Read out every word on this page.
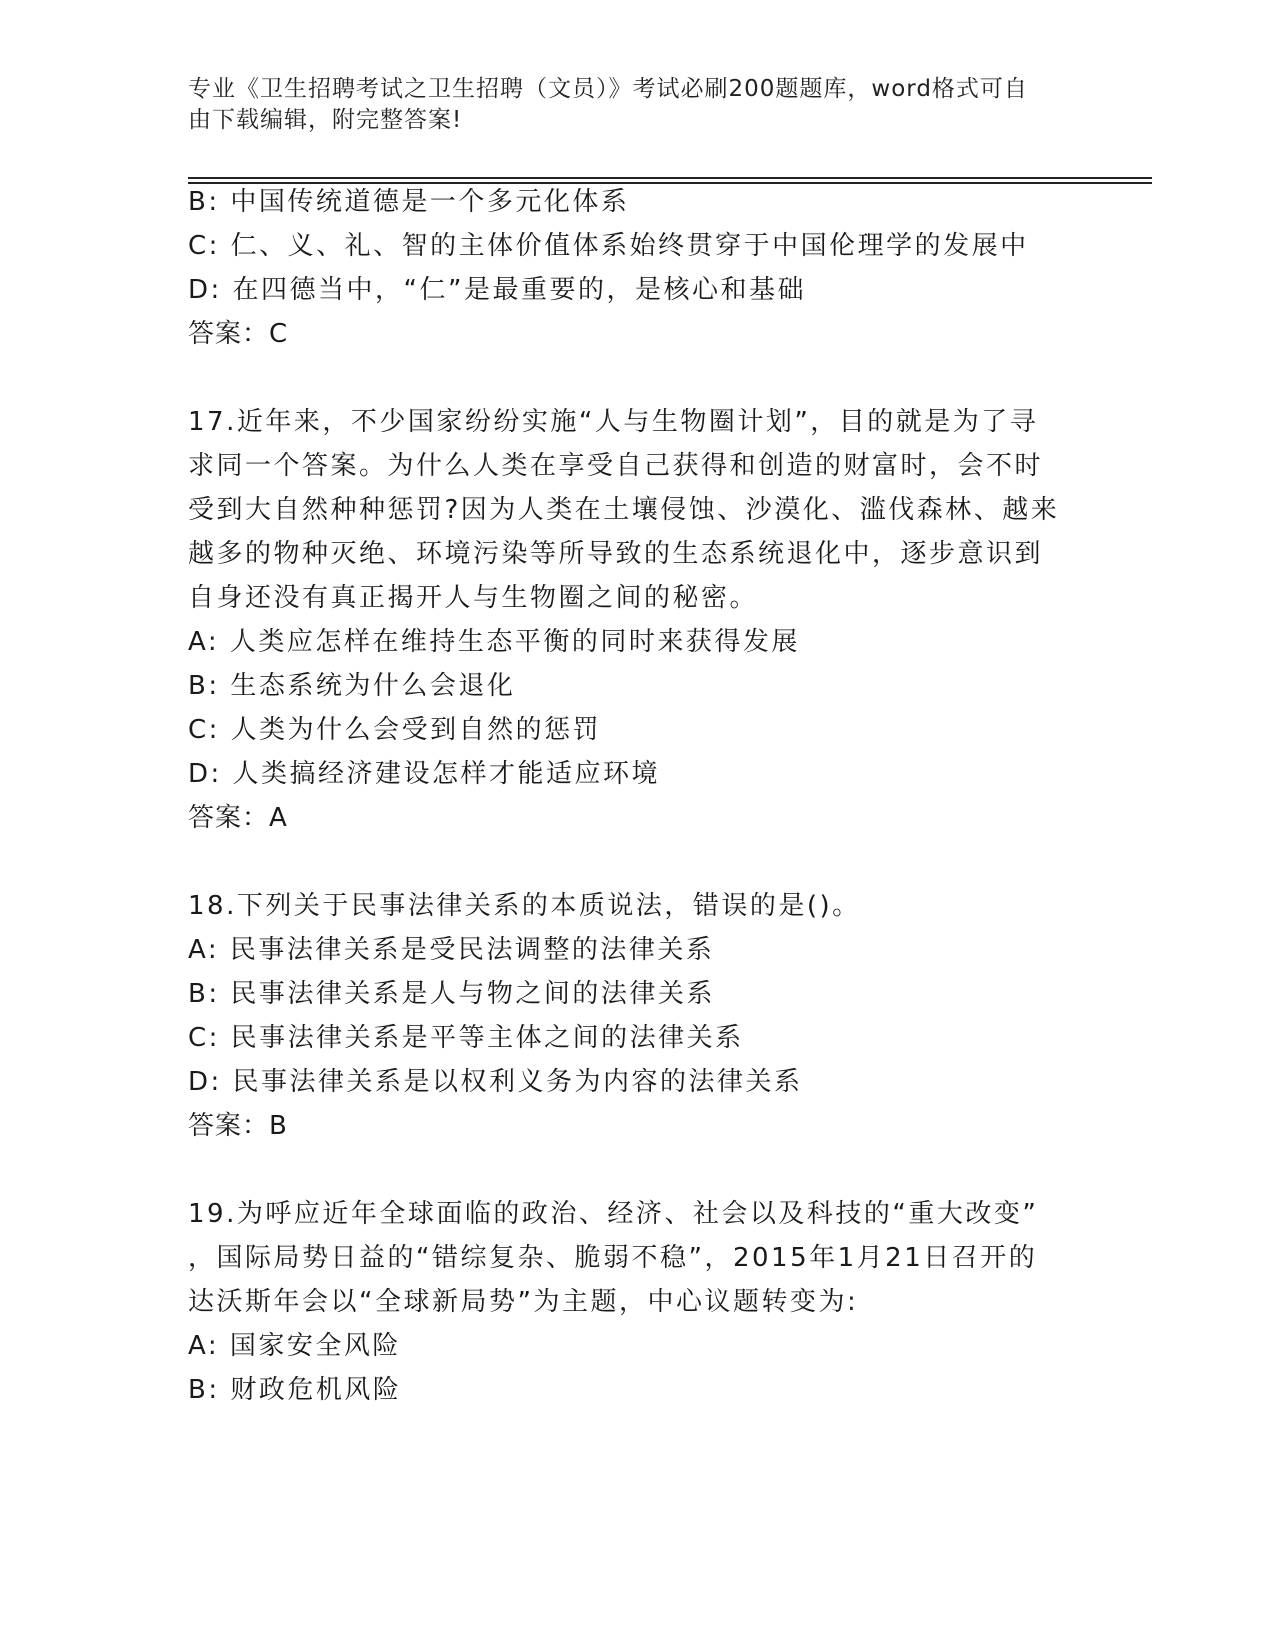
专业《卫生招聘考试之卫生招聘（文员）》考试必刷200题题库，word格式可自
由下载编辑，附完整答案!
B: 中国传统道德是一个多元化体系
C: 仁、义、礼、智的主体价值体系始终贯穿于中国伦理学的发展中
D: 在四德当中，“仁”是最重要的，是核心和基础
答案：C
17.近年来，不少国家纷纷实施“人与生物圈计划”，目的就是为了寻
求同一个答案。为什么人类在享受自己获得和创造的财富时，会不时
受到大自然种种惩罚?因为人类在土壤侵蚀、沙漠化、滥伐森林、越来
越多的物种灭绝、环境污染等所导致的生态系统退化中，逐步意识到
自身还没有真正揭开人与生物圈之间的秘密。
A: 人类应怎样在维持生态平衡的同时来获得发展
B: 生态系统为什么会退化
C: 人类为什么会受到自然的惩罚
D: 人类搞经济建设怎样才能适应环境
答案：A
18.下列关于民事法律关系的本质说法，错误的是()。
A: 民事法律关系是受民法调整的法律关系
B: 民事法律关系是人与物之间的法律关系
C: 民事法律关系是平等主体之间的法律关系
D: 民事法律关系是以权利义务为内容的法律关系
答案：B
19.为呼应近年全球面临的政治、经济、社会以及科技的“重大改变”
，国际局势日益的“错综复杂、脆弱不稳”，2015年1月21日召开的
达沃斯年会以“全球新局势”为主题，中心议题转变为:
A: 国家安全风险
B: 财政危机风险
